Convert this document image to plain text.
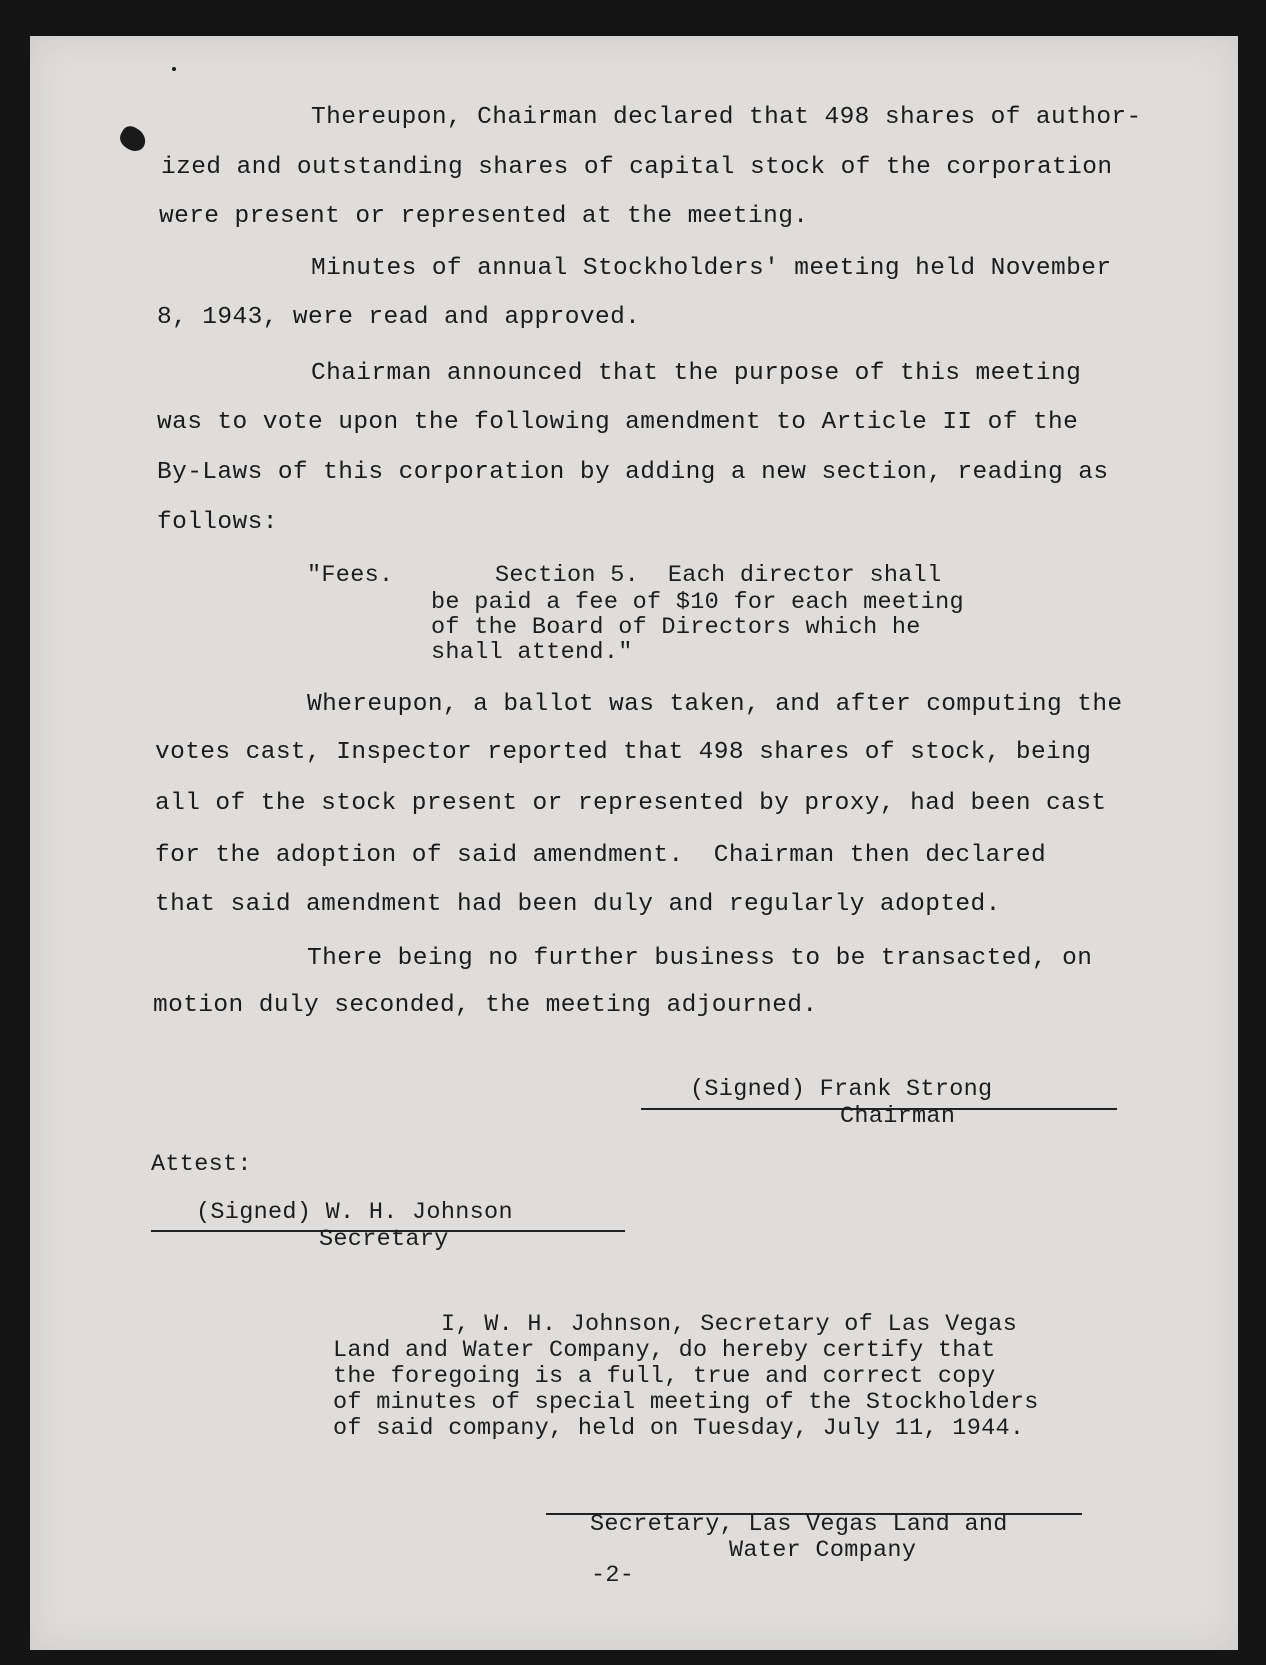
Thereupon, Chairman declared that 498 shares of author-
ized and outstanding shares of capital stock of the corporation
were present or represented at the meeting.
Minutes of annual Stockholders' meeting held November
8, 1943, were read and approved.
Chairman announced that the purpose of this meeting
was to vote upon the following amendment to Article II of the
By-Laws of this corporation by adding a new section, reading as
follows:
"Fees.	Section 5.  Each director shall
be paid a fee of $10 for each meeting
of the Board of Directors which he
shall attend."
Whereupon, a ballot was taken, and after computing the
votes cast, Inspector reported that 498 shares of stock, being
all of the stock present or represented by proxy, had been cast
for the adoption of said amendment.  Chairman then declared
that said amendment had been duly and regularly adopted.
There being no further business to be transacted, on
motion duly seconded, the meeting adjourned.
(Signed) Frank Strong
Chairman
Attest:
(Signed) W. H. Johnson
Secretary
I, W. H. Johnson, Secretary of Las Vegas
Land and Water Company, do hereby certify that
the foregoing is a full, true and correct copy
of minutes of special meeting of the Stockholders
of said company, held on Tuesday, July 11, 1944.
Secretary, Las Vegas Land and
Water Company
-2-
